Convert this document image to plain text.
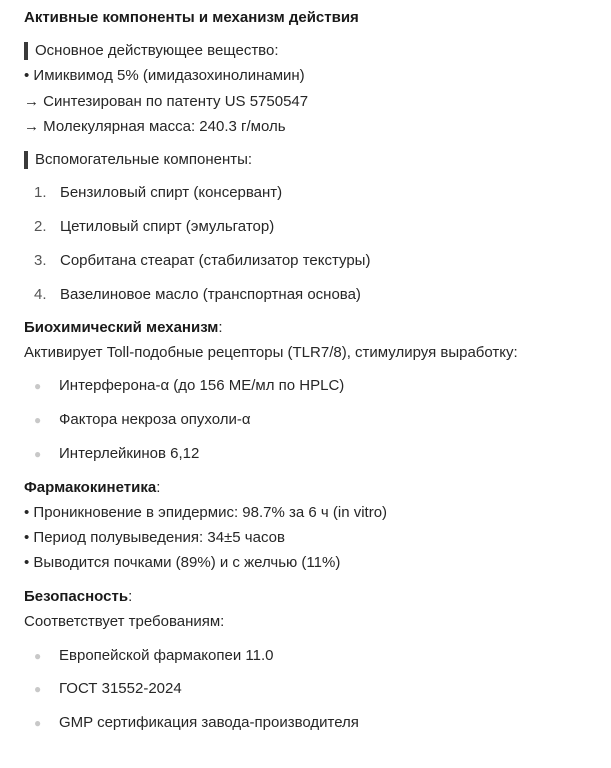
Активные компоненты и механизм действия
Основное действующее вещество:
• Имиквимод 5% (имидазохинолинамин)
→ Синтезирован по патенту US 5750547
→ Молекулярная масса: 240.3 г/моль
Вспомогательные компоненты:
1. Бензиловый спирт (консервант)
2. Цетиловый спирт (эмульгатор)
3. Сорбитана стеарат (стабилизатор текстуры)
4. Вазелиновое масло (транспортная основа)
Биохимический механизм:
Активирует Toll-подобные рецепторы (TLR7/8), стимулируя выработку:
● Интерферона-α (до 156 МЕ/мл по HPLC)
● Фактора некроза опухоли-α
● Интерлейкинов 6,12
Фармакокинетика:
• Проникновение в эпидермис: 98.7% за 6 ч (in vitro)
• Период полувыведения: 34±5 часов
• Выводится почками (89%) и с желчью (11%)
Безопасность:
Соответствует требованиям:
● Европейской фармакопеи 11.0
● ГОСТ 31552-2024
● GMP сертификация завода-производителя
